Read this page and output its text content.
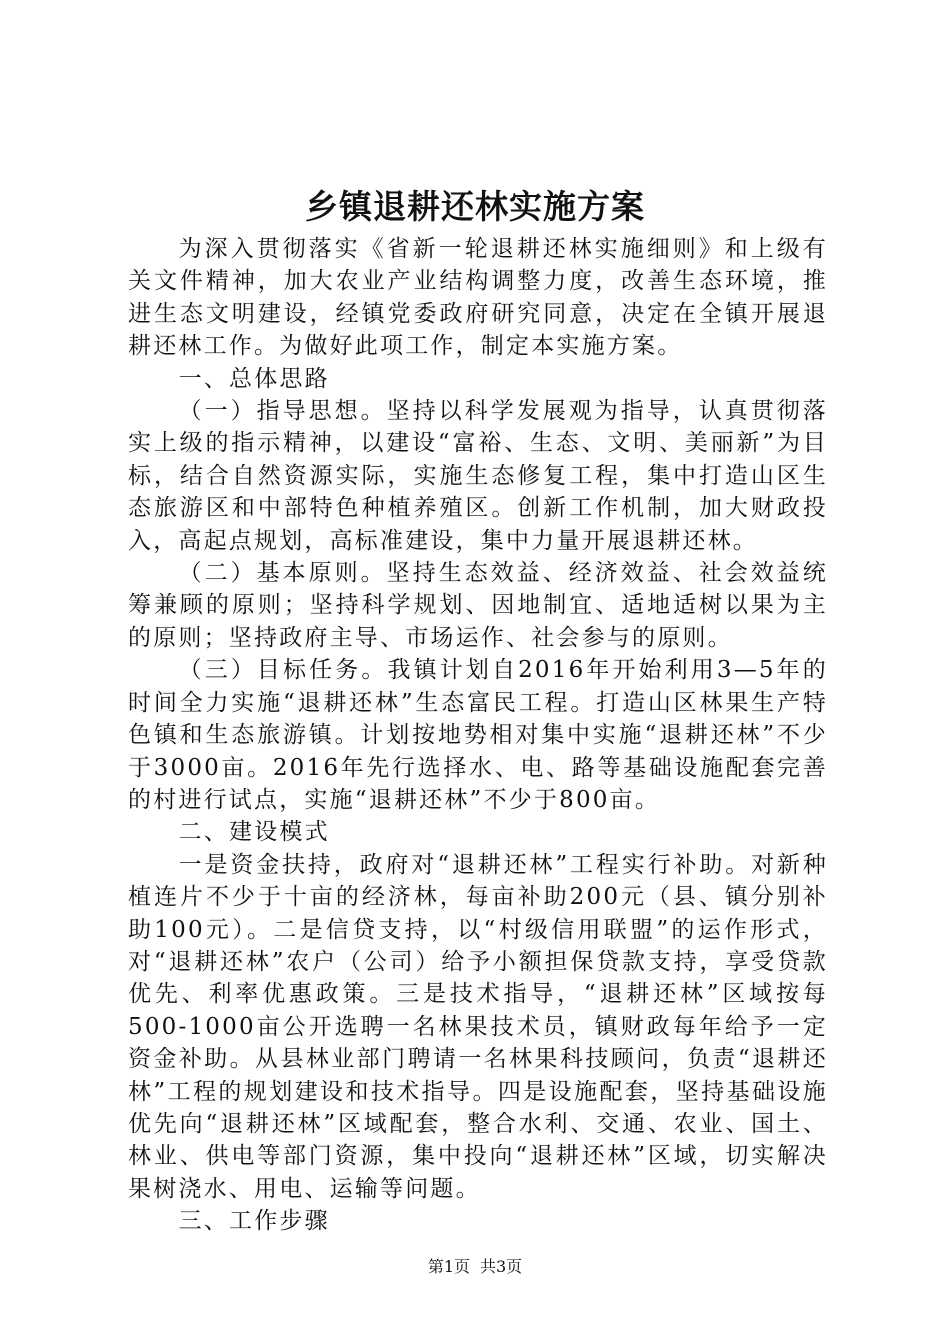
乡镇退耕还林实施方案

为深入贯彻落实《省新一轮退耕还林实施细则》和上级有关文件精神，加大农业产业结构调整力度，改善生态环境，推进生态文明建设，经镇党委政府研究同意，决定在全镇开展退耕还林工作。为做好此项工作，制定本实施方案。

一、总体思路

（一）指导思想。坚持以科学发展观为指导，认真贯彻落实上级的指示精神，以建设“富裕、生态、文明、美丽新”为目标，结合自然资源实际，实施生态修复工程，集中打造山区生态旅游区和中部特色种植养殖区。创新工作机制，加大财政投入，高起点规划，高标准建设，集中力量开展退耕还林。

（二）基本原则。坚持生态效益、经济效益、社会效益统筹兼顾的原则；坚持科学规划、因地制宜、适地适树以果为主的原则；坚持政府主导、市场运作、社会参与的原则。

（三）目标任务。我镇计划自2016年开始利用3—5年的时间全力实施“退耕还林”生态富民工程。打造山区林果生产特色镇和生态旅游镇。计划按地势相对集中实施“退耕还林”不少于3000亩。2016年先行选择水、电、路等基础设施配套完善的村进行试点，实施“退耕还林”不少于800亩。

二、建设模式

一是资金扶持，政府对“退耕还林”工程实行补助。对新种植连片不少于十亩的经济林，每亩补助200元（县、镇分别补助100元）。二是信贷支持，以“村级信用联盟”的运作形式，对“退耕还林”农户（公司）给予小额担保贷款支持，享受贷款优先、利率优惠政策。三是技术指导，“退耕还林”区域按每500-1000亩公开选聘一名林果技术员，镇财政每年给予一定资金补助。从县林业部门聘请一名林果科技顾问，负责“退耕还林”工程的规划建设和技术指导。四是设施配套，坚持基础设施优先向“退耕还林”区域配套，整合水利、交通、农业、国土、林业、供电等部门资源，集中投向“退耕还林”区域，切实解决果树浇水、用电、运输等问题。

三、工作步骤

第1页 共3页
